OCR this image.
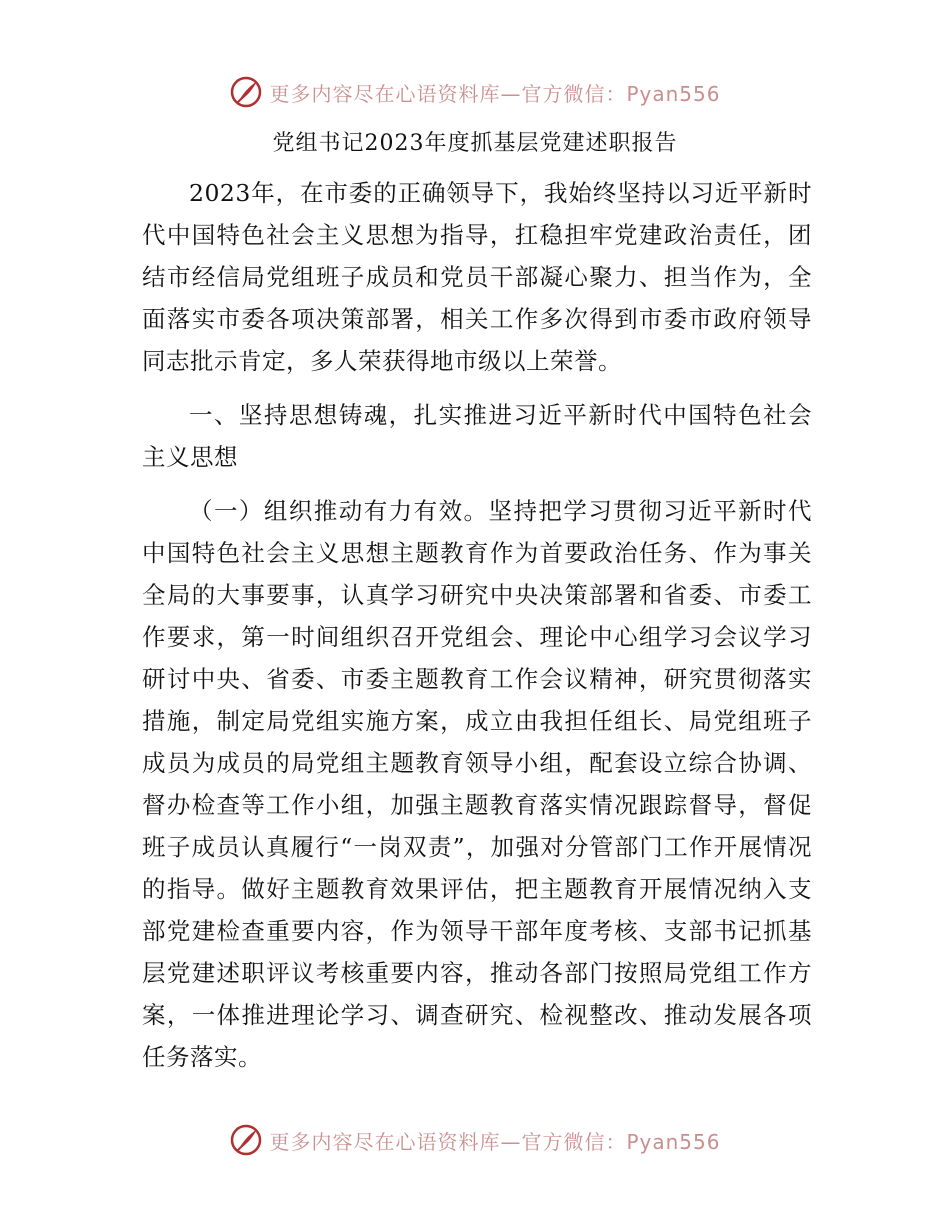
更多内容尽在心语资料库—官方微信：Pyan556
党组书记2023年度抓基层党建述职报告

2023年，在市委的正确领导下，我始终坚持以习近平新时代中国特色社会主义思想为指导，扛稳担牢党建政治责任，团结市经信局党组班子成员和党员干部凝心聚力、担当作为，全面落实市委各项决策部署，相关工作多次得到市委市政府领导同志批示肯定，多人荣获得地市级以上荣誉。

一、坚持思想铸魂，扎实推进习近平新时代中国特色社会主义思想

（一）组织推动有力有效。坚持把学习贯彻习近平新时代中国特色社会主义思想主题教育作为首要政治任务、作为事关全局的大事要事，认真学习研究中央决策部署和省委、市委工作要求，第一时间组织召开党组会、理论中心组学习会议学习研讨中央、省委、市委主题教育工作会议精神，研究贯彻落实措施，制定局党组实施方案，成立由我担任组长、局党组班子成员为成员的局党组主题教育领导小组，配套设立综合协调、督办检查等工作小组，加强主题教育落实情况跟踪督导，督促班子成员认真履行“一岗双责”，加强对分管部门工作开展情况的指导。做好主题教育效果评估，把主题教育开展情况纳入支部党建检查重要内容，作为领导干部年度考核、支部书记抓基层党建述职评议考核重要内容，推动各部门按照局党组工作方案，一体推进理论学习、调查研究、检视整改、推动发展各项任务落实。

更多内容尽在心语资料库—官方微信：Pyan556
